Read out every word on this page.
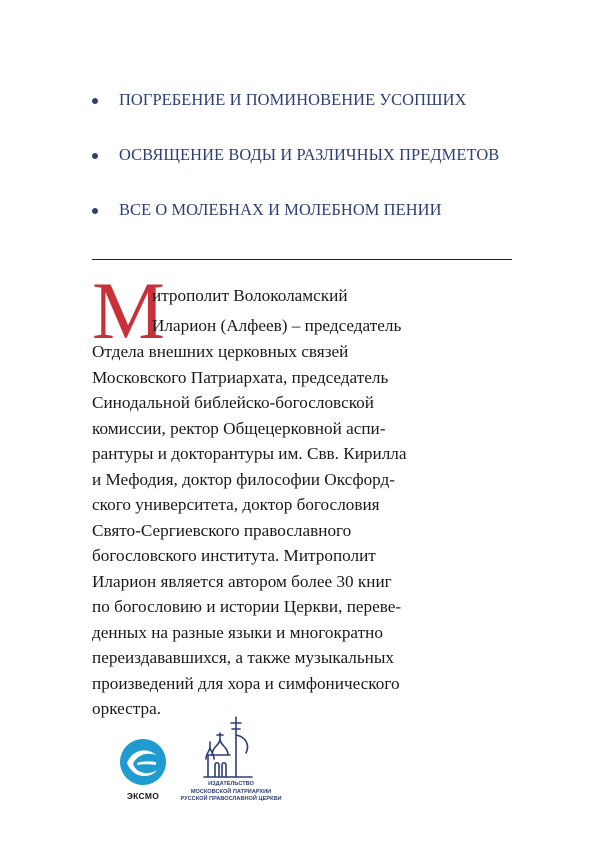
ПОГРЕБЕНИЕ И ПОМИНОВЕНИЕ УСОПШИХ
ОСВЯЩЕНИЕ ВОДЫ И РАЗЛИЧНЫХ ПРЕДМЕТОВ
ВСЕ О МОЛЕБНАХ И МОЛЕБНОМ ПЕНИИ
М
итрополит Волоколамский
Иларион (Алфеев) – председатель
Отдела внешних церковных связей
Московского Патриархата, председатель
Синодальной библейско-богословской
комиссии, ректор Общецерковной аспи-
рантуры и докторантуры им. Свв. Кирилла
и Мефодия, доктор философии Оксфорд-
ского университета, доктор богословия
Свято-Сергиевского православного
богословского института. Митрополит
Иларион является автором более 30 книг
по богословию и истории Церкви, переве-
денных на разные языки и многократно
переиздававшихся, а также музыкальных
произведений для хора и симфонического
оркестра.
ЭКСМО
ИЗДАТЕЛЬСТВО
МОСКОВСКОЙ ПАТРИАРХИИ
РУССКОЙ ПРАВОСЛАВНОЙ ЦЕРКВИ
